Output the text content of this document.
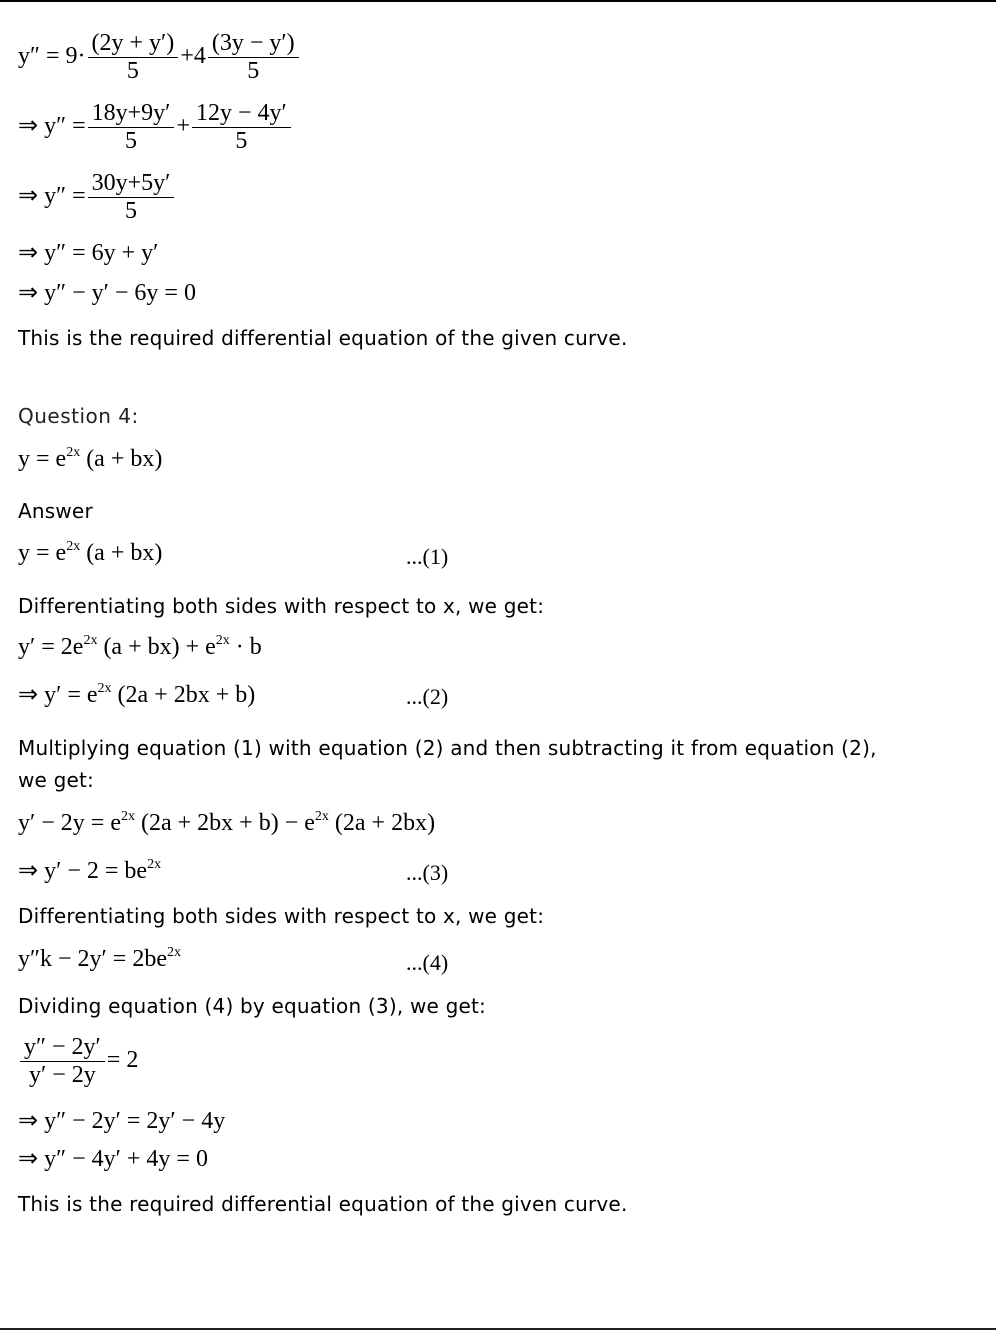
$y'' = 9\cdot \frac{(2y + y')}{5} +4 \frac{(3y - y')}{5}$
⇒ $y'' = \frac{18y+9y'}{5} + \frac{12y - 4y'}{5}$
⇒ $y'' = \frac{30y+5y'}{5}$
⇒ y″ = 6y + y′
⇒ y″ − y′ − 6y = 0
This is the required differential equation of the given curve.
Question 4:
$y = e^{2x}$ (a + bx)
Answer
$y = e^{2x}$ (a + bx)	...(1)
Differentiating both sides with respect to x, we get:
$y' = 2e^{2x}$ $(a + bx) + e^{2x} \cdot b$
⇒ $y' = e^{2x}$ (2a + 2bx + b)	...(2)
Multiplying equation (1) with equation (2) and then subtracting it from equation (2),
we get:
$y' - 2y = e^{2x}$ $(2a + 2bx + b) - e^{2x}$ (2a + 2bx)
⇒ $y' - 2 = be^{2x}$	...(3)
Differentiating both sides with respect to x, we get:
$y''k - 2y' = 2be^{2x}$	...(4)
Dividing equation (4) by equation (3), we get:
$\frac{y'' - 2y'}{y' - 2y} = 2$
⇒ y″ − 2y′ = 2y′ − 4y
⇒ y″ − 4y′ + 4y = 0
This is the required differential equation of the given curve.
